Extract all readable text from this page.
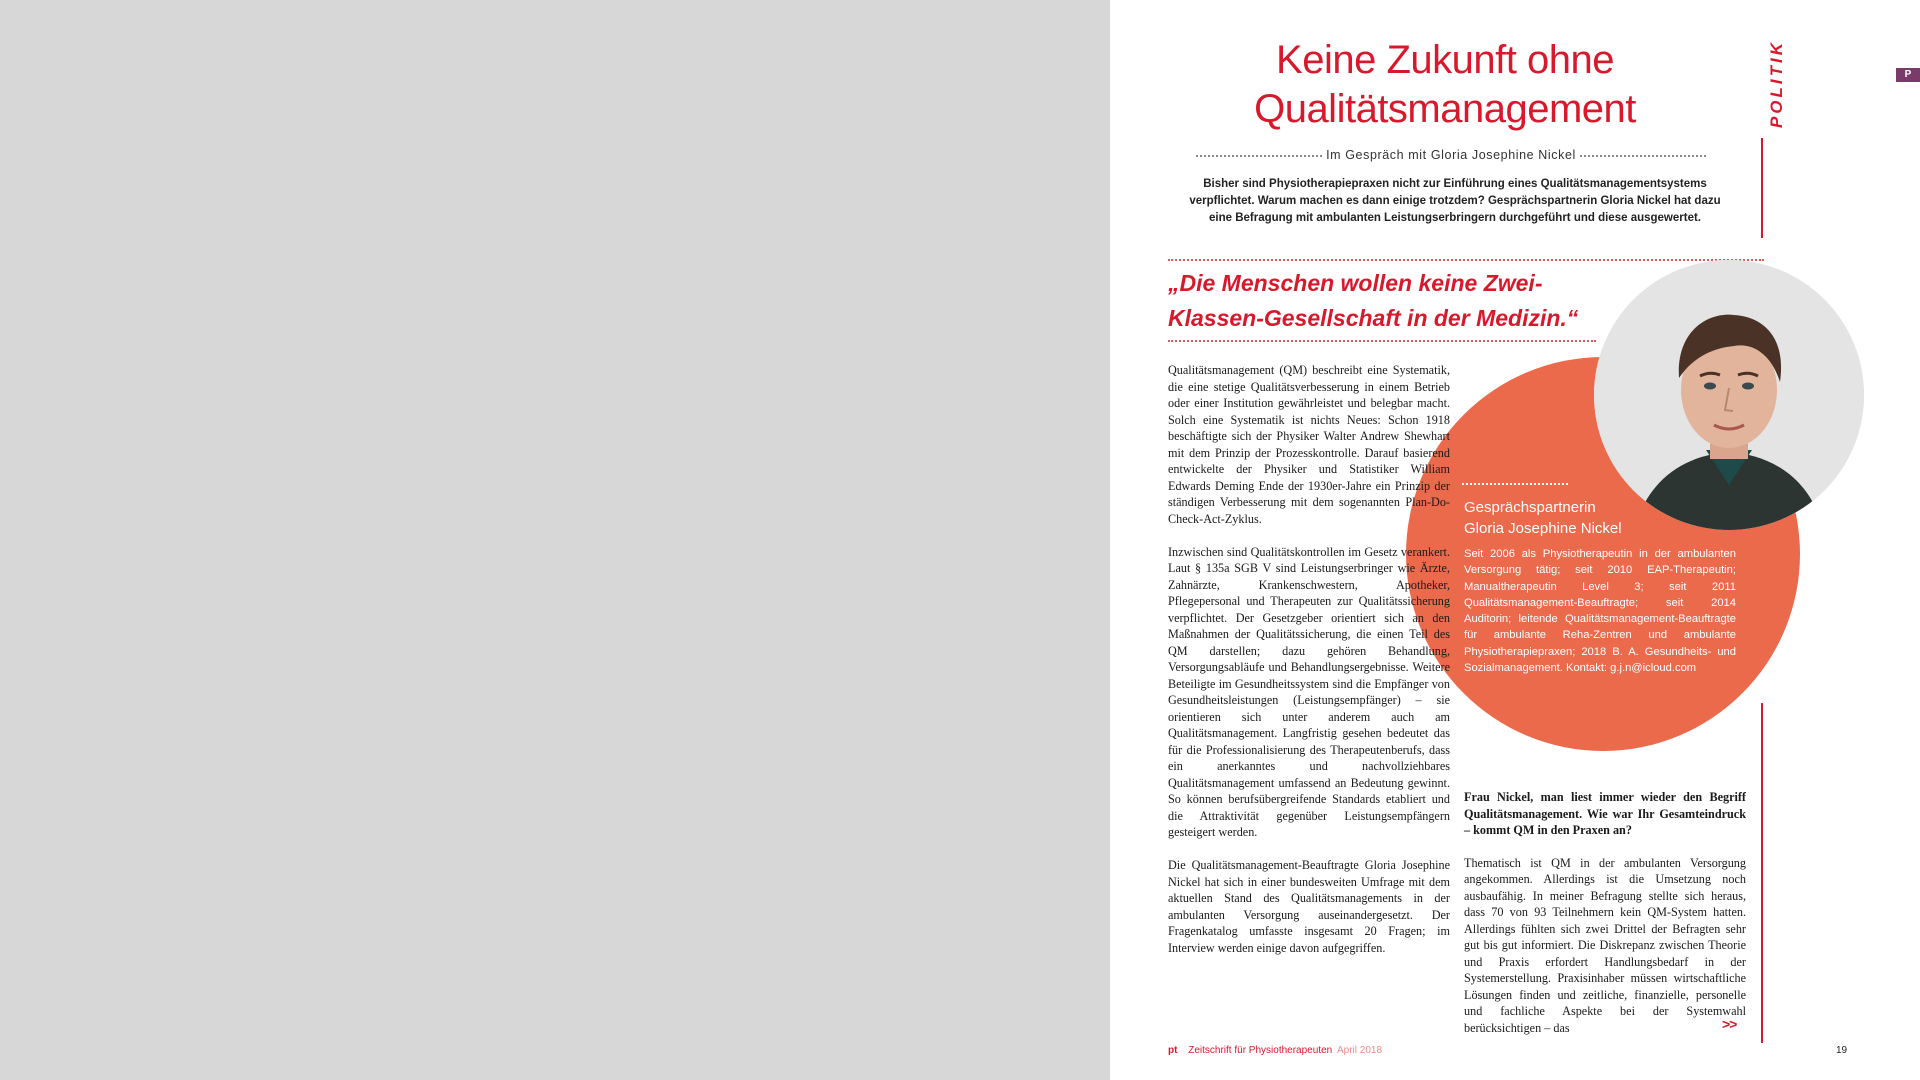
POLITIK	P
Keine Zukunft ohne
Qualitätsmanagement
Im Gespräch mit Gloria Josephine Nickel
Bisher sind Physiotherapiepraxen nicht zur Einführung eines Qualitätsmanagementsystems verpflichtet. Warum machen es dann einige trotzdem? Gesprächspartnerin Gloria Nickel hat dazu eine Befragung mit ambulanten Leistungserbringern durchgeführt und diese ausgewertet.
„Die Menschen wollen keine Zwei-Klassen-Gesellschaft in der Medizin.“
Gesprächspartnerin
Gloria Josephine Nickel
Seit 2006 als Physiotherapeutin in der ambulanten Versorgung tätig; seit 2010 EAP-Therapeutin; Manualtherapeutin Level 3; seit 2011 Qualitätsmanagement-Beauftragte; seit 2014 Auditorin; leitende Qualitätsmanagement-Beauftragte für ambulante Reha-Zentren und ambulante Physiotherapiepraxen; 2018 B. A. Gesundheits- und Sozialmanagement. Kontakt: g.j.n@icloud.com

Qualitätsmanagement (QM) beschreibt eine Systematik, die eine stetige Qualitätsverbesserung in einem Betrieb oder einer Institution gewährleistet und belegbar macht. Solch eine Systematik ist nichts Neues: Schon 1918 beschäftigte sich der Physiker Walter Andrew Shewhart mit dem Prinzip der Prozesskontrolle. Darauf basierend entwickelte der Physiker und Statistiker William Edwards Deming Ende der 1930er-Jahre ein Prinzip der ständigen Verbesserung mit dem sogenannten Plan-Do-Check-Act-Zyklus.

Inzwischen sind Qualitätskontrollen im Gesetz verankert. Laut § 135a SGB V sind Leistungserbringer wie Ärzte, Zahnärzte, Krankenschwestern, Apotheker, Pflegepersonal und Therapeuten zur Qualitätssicherung verpflichtet. Der Gesetzgeber orientiert sich an den Maßnahmen der Qualitätssicherung, die einen Teil des QM darstellen; dazu gehören Behandlung, Versorgungsabläufe und Behandlungsergebnisse. Weitere Beteiligte im Gesundheitssystem sind die Empfänger von Gesundheitsleistungen (Leistungsempfänger) – sie orientieren sich unter anderem auch am Qualitätsmanagement. Langfristig gesehen bedeutet das für die Professionalisierung des Therapeutenberufs, dass ein anerkanntes und nachvollziehbares Qualitätsmanagement umfassend an Bedeutung gewinnt. So können berufsübergreifende Standards etabliert und die Attraktivität gegenüber Leistungsempfängern gesteigert werden.

Die Qualitätsmanagement-Beauftragte Gloria Josephine Nickel hat sich in einer bundesweiten Umfrage mit dem aktuellen Stand des Qualitätsmanagements in der ambulanten Versorgung auseinandergesetzt. Der Fragenkatalog umfasste insgesamt 20 Fragen; im Interview werden einige davon aufgegriffen.

Frau Nickel, man liest immer wieder den Begriff Qualitätsmanagement. Wie war Ihr Gesamteindruck – kommt QM in den Praxen an?

Thematisch ist QM in der ambulanten Versorgung angekommen. Allerdings ist die Umsetzung noch ausbaufähig. In meiner Befragung stellte sich heraus, dass 70 von 93 Teilnehmern kein QM-System hatten. Allerdings fühlten sich zwei Drittel der Befragten sehr gut bis gut informiert. Die Diskrepanz zwischen Theorie und Praxis erfordert Handlungsbedarf in der Systemerstellung. Praxisinhaber müssen wirtschaftliche Lösungen finden und zeitliche, finanzielle, personelle und fachliche Aspekte bei der Systemwahl berücksichtigen – das	>>
pt Zeitschrift für Physiotherapeuten April 2018	19
